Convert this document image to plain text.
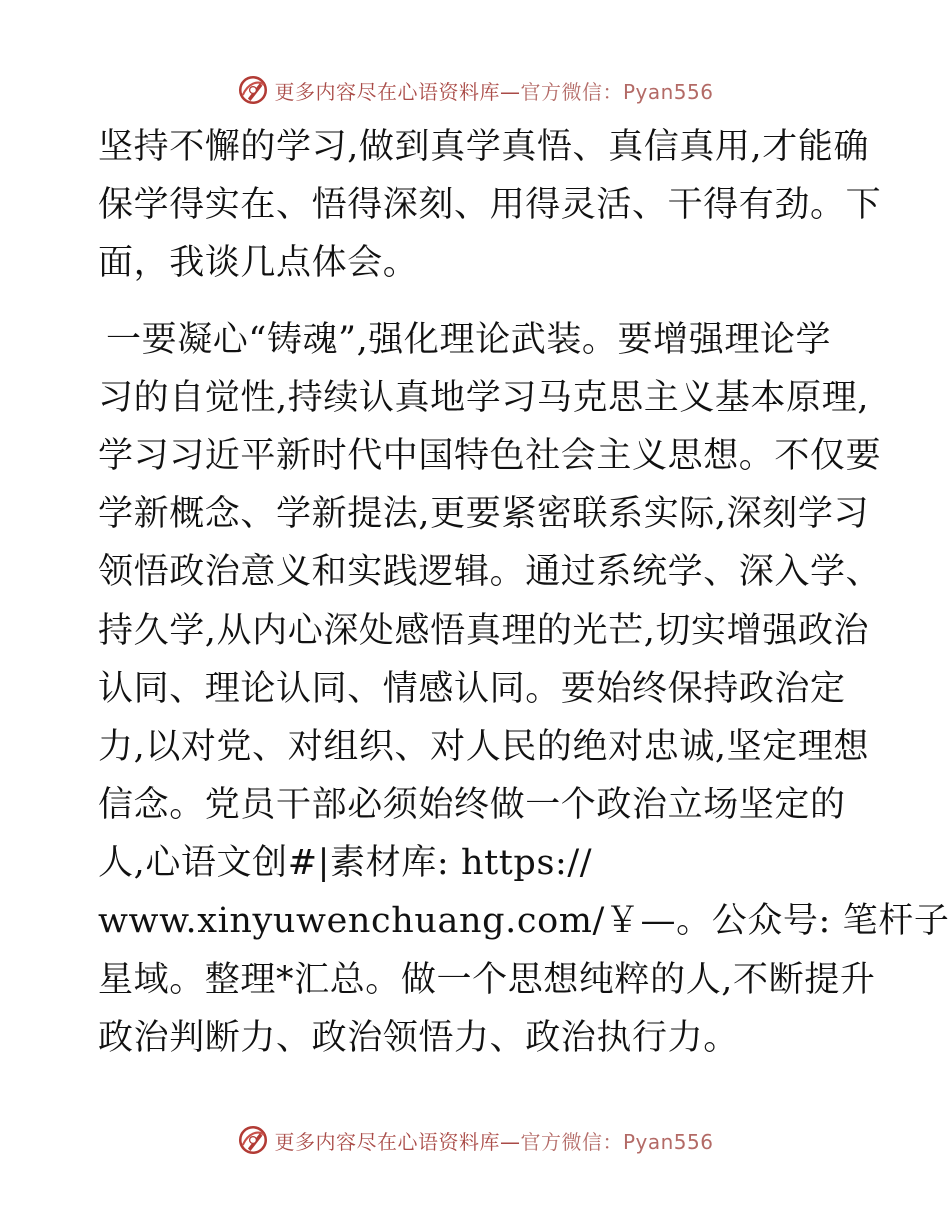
更多内容尽在心语资料库—官方微信：Pyan556
坚持不懈的学习,做到真学真悟、真信真用,才能确
保学得实在、悟得深刻、用得灵活、干得有劲。下
面，我谈几点体会。
一要凝心“铸魂”,强化理论武装。要增强理论学
习的自觉性,持续认真地学习马克思主义基本原理,
学习习近平新时代中国特色社会主义思想。不仅要
学新概念、学新提法,更要紧密联系实际,深刻学习
领悟政治意义和实践逻辑。通过系统学、深入学、
持久学,从内心深处感悟真理的光芒,切实增强政治
认同、理论认同、情感认同。要始终保持政治定
力,以对党、对组织、对人民的绝对忠诚,坚定理想
信念。党员干部必须始终做一个政治立场坚定的
人,心语文创#|素材库: https://
www.xinyuwenchuang.com/￥—。公众号: 笔杆子
星域。整理*汇总。做一个思想纯粹的人,不断提升
政治判断力、政治领悟力、政治执行力。
更多内容尽在心语资料库—官方微信：Pyan556
